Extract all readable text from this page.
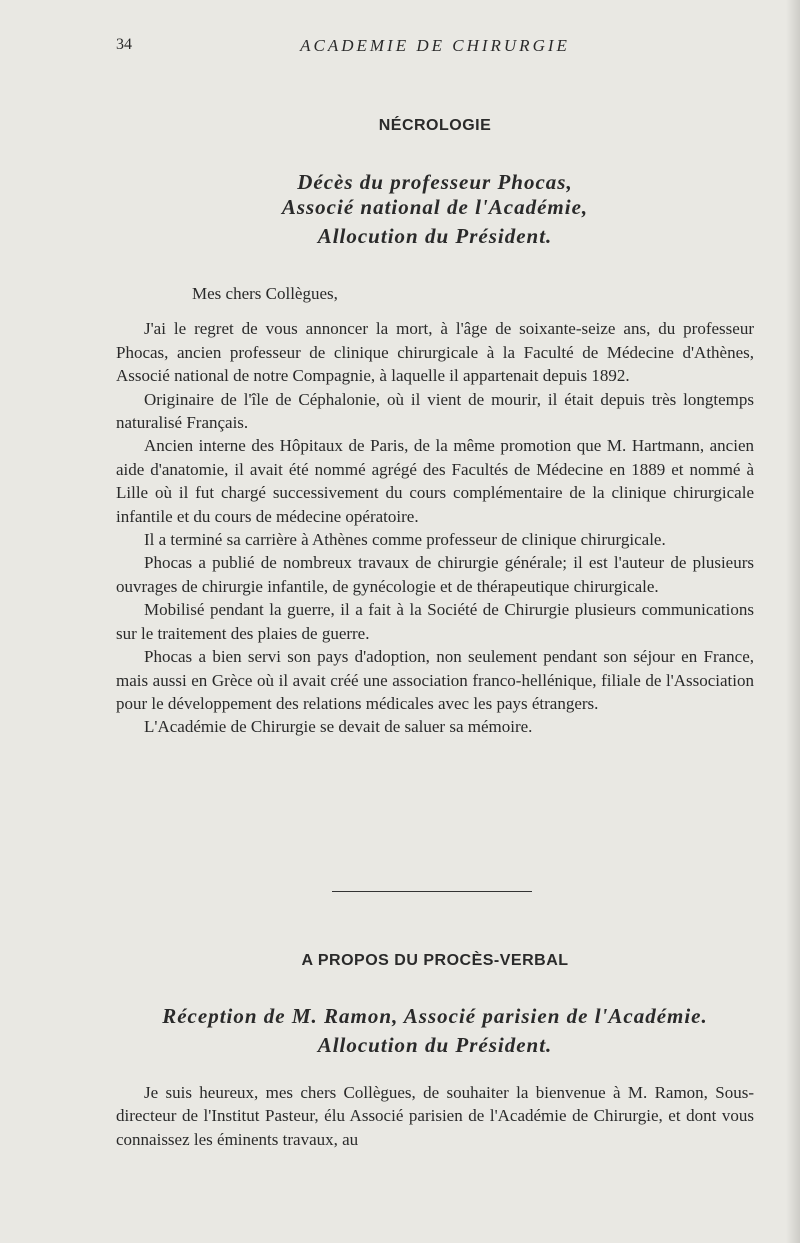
34	ACADEMIE DE CHIRURGIE
NÉCROLOGIE
Décès du professeur Phocas,
Associé national de l'Académie,
Allocution du Président.

Mes chers Collègues,

J'ai le regret de vous annoncer la mort, à l'âge de soixante-seize ans, du professeur Phocas, ancien professeur de clinique chirurgicale à la Faculté de Médecine d'Athènes, Associé national de notre Compagnie, à laquelle il appartenait depuis 1892.

Originaire de l'île de Céphalonie, où il vient de mourir, il était depuis très longtemps naturalisé Français.

Ancien interne des Hôpitaux de Paris, de la même promotion que M. Hartmann, ancien aide d'anatomie, il avait été nommé agrégé des Facultés de Médecine en 1889 et nommé à Lille où il fut chargé successivement du cours complémentaire de la clinique chirurgicale infantile et du cours de médecine opératoire.

Il a terminé sa carrière à Athènes comme professeur de clinique chirurgicale.

Phocas a publié de nombreux travaux de chirurgie générale; il est l'auteur de plusieurs ouvrages de chirurgie infantile, de gynécologie et de thérapeutique chirurgicale.

Mobilisé pendant la guerre, il a fait à la Société de Chirurgie plusieurs communications sur le traitement des plaies de guerre.

Phocas a bien servi son pays d'adoption, non seulement pendant son séjour en France, mais aussi en Grèce où il avait créé une association franco-hellénique, filiale de l'Association pour le développement des relations médicales avec les pays étrangers.

L'Académie de Chirurgie se devait de saluer sa mémoire.

A PROPOS DU PROCÈS-VERBAL
Réception de M. Ramon, Associé parisien de l'Académie.
Allocution du Président.

Je suis heureux, mes chers Collègues, de souhaiter la bienvenue à M. Ramon, Sous-directeur de l'Institut Pasteur, élu Associé parisien de l'Académie de Chirurgie, et dont vous connaissez les éminents travaux, au
